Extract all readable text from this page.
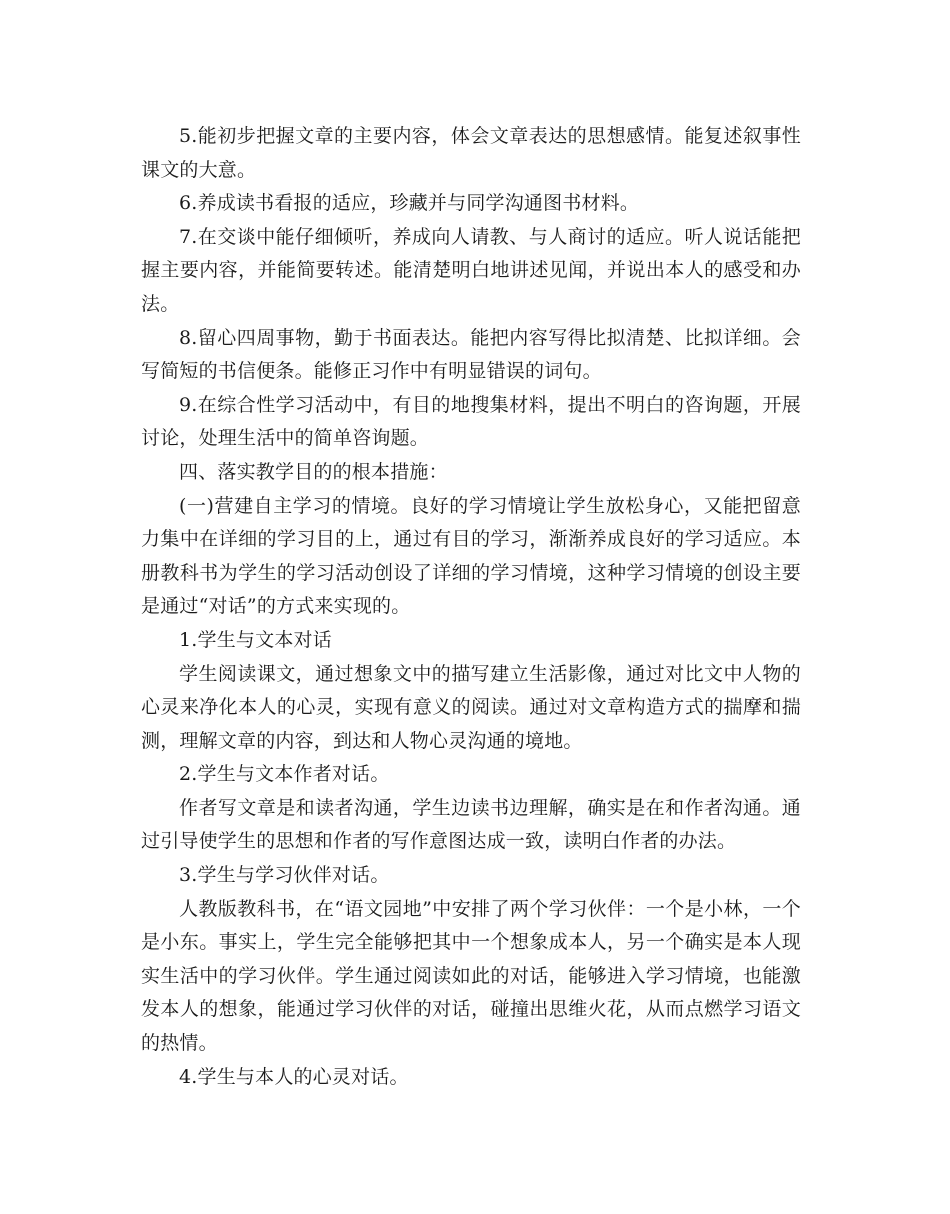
5.能初步把握文章的主要内容，体会文章表达的思想感情。能复述叙事性课文的大意。

6.养成读书看报的适应，珍藏并与同学沟通图书材料。

7.在交谈中能仔细倾听，养成向人请教、与人商讨的适应。听人说话能把握主要内容，并能简要转述。能清楚明白地讲述见闻，并说出本人的感受和办法。

8.留心四周事物，勤于书面表达。能把内容写得比拟清楚、比拟详细。会写简短的书信便条。能修正习作中有明显错误的词句。

9.在综合性学习活动中，有目的地搜集材料，提出不明白的咨询题，开展讨论，处理生活中的简单咨询题。

四、落实教学目的的根本措施：

(一)营建自主学习的情境。良好的学习情境让学生放松身心，又能把留意力集中在详细的学习目的上，通过有目的学习，渐渐养成良好的学习适应。本册教科书为学生的学习活动创设了详细的学习情境，这种学习情境的创设主要是通过“对话”的方式来实现的。

1.学生与文本对话

学生阅读课文，通过想象文中的描写建立生活影像，通过对比文中人物的心灵来净化本人的心灵，实现有意义的阅读。通过对文章构造方式的揣摩和揣测，理解文章的内容，到达和人物心灵沟通的境地。

2.学生与文本作者对话。

作者写文章是和读者沟通，学生边读书边理解，确实是在和作者沟通。通过引导使学生的思想和作者的写作意图达成一致，读明白作者的办法。

3.学生与学习伙伴对话。

人教版教科书，在“语文园地”中安排了两个学习伙伴：一个是小林，一个是小东。事实上，学生完全能够把其中一个想象成本人，另一个确实是本人现实生活中的学习伙伴。学生通过阅读如此的对话，能够进入学习情境，也能激发本人的想象，能通过学习伙伴的对话，碰撞出思维火花，从而点燃学习语文的热情。

4.学生与本人的心灵对话。
